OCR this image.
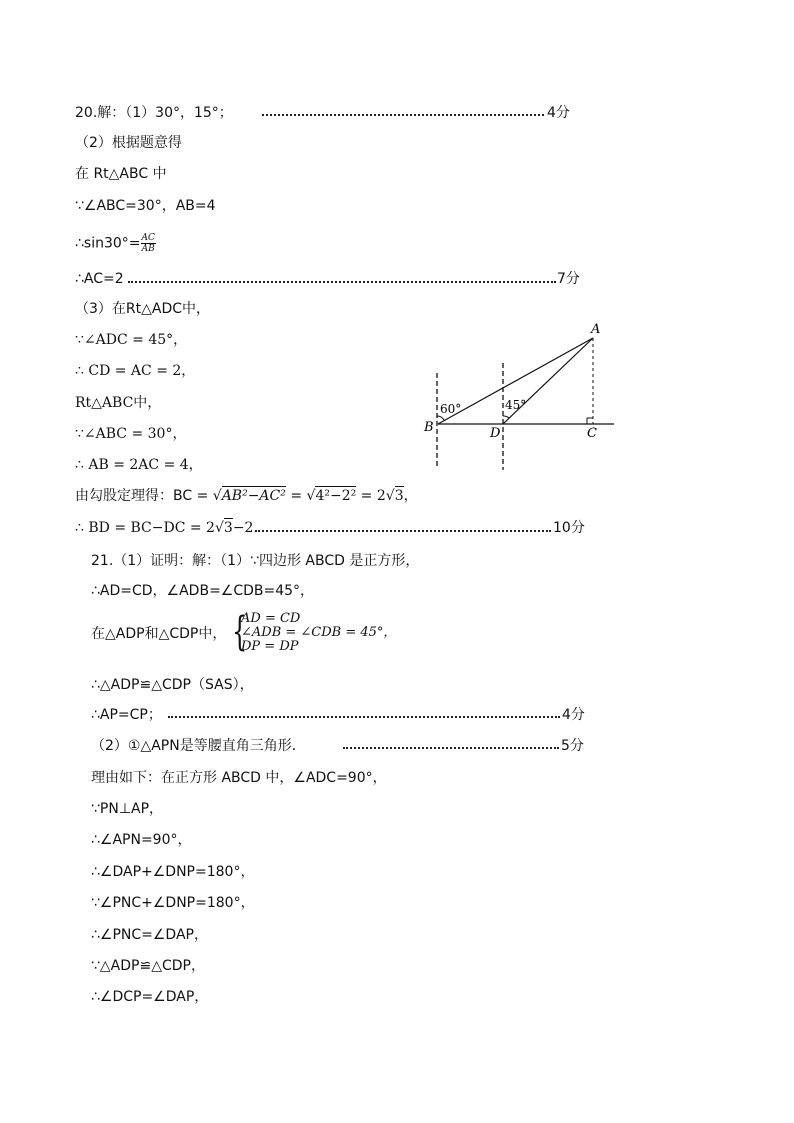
20.解：（1）30°，15°；	4分
（2）根据题意得
在 Rt△ABC 中
∵∠ABC=30°，AB=4
∴sin30°= $\frac{AC}{AB}$
∴AC=2	7分
（3）在Rt△ADC中，
∵∠ADC = 45°，
∴ CD = AC = 2，
Rt△ABC中，
∵∠ABC = 30°，
∴ AB = 2AC = 4，
由勾股定理得：BC = √AB²−AC² = √4²−2² = 2√3，
∴ BD = BC−DC = 2√3−2．	10分
A
B	D	C
60°	45°
21.（1）证明：解：（1）∵四边形 ABCD 是正方形，
∴AD=CD，∠ADB=∠CDB=45°，
在△ADP和△CDP中， {
AD = CD
∠ADB = ∠CDB = 45°，
DP = DP
∴△ADP≌△CDP（SAS），
∴AP=CP；	4分
（2）①△APN是等腰直角三角形．	5分
理由如下：在正方形 ABCD 中，∠ADC=90°，
∵PN⊥AP，
∴∠APN=90°，
∴∠DAP+∠DNP=180°，
∵∠PNC+∠DNP=180°，
∴∠PNC=∠DAP，
∵△ADP≌△CDP，
∴∠DCP=∠DAP，
